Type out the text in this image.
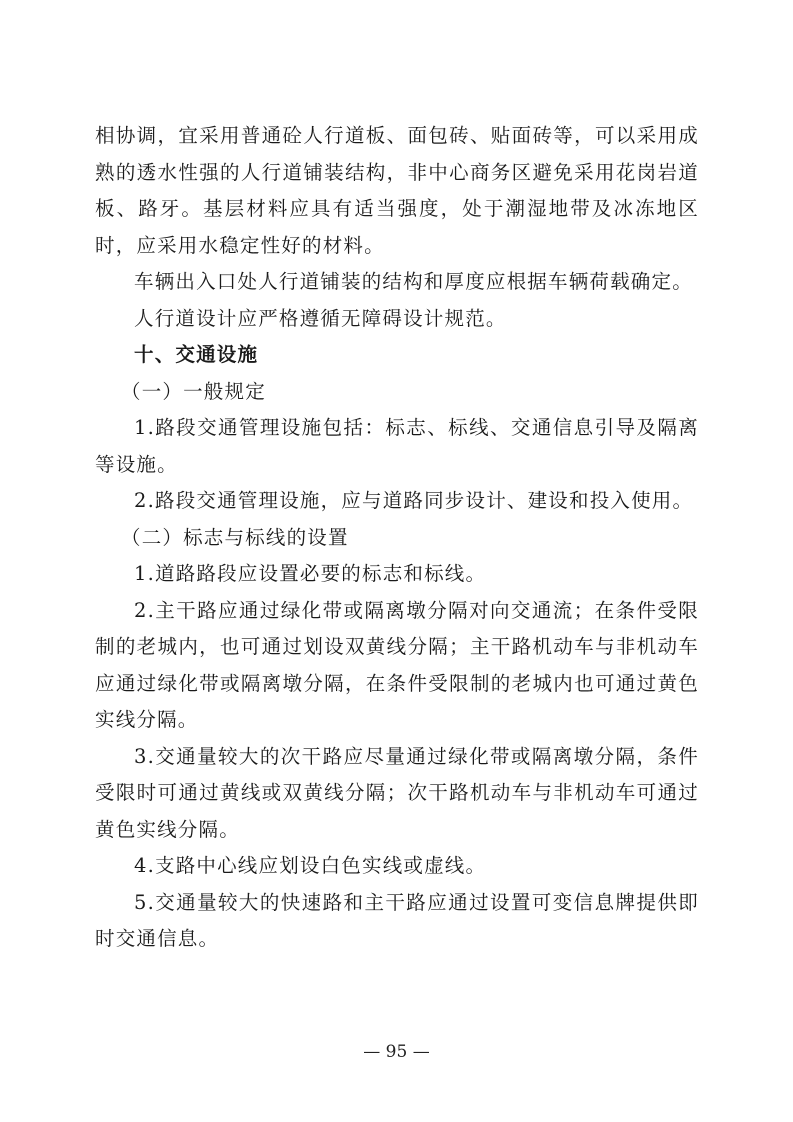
相协调，宜采用普通砼人行道板、面包砖、贴面砖等，可以采用成熟的透水性强的人行道铺装结构，非中心商务区避免采用花岗岩道板、路牙。基层材料应具有适当强度，处于潮湿地带及冰冻地区时，应采用水稳定性好的材料。

车辆出入口处人行道铺装的结构和厚度应根据车辆荷载确定。

人行道设计应严格遵循无障碍设计规范。

十、交通设施

（一）一般规定

1.路段交通管理设施包括：标志、标线、交通信息引导及隔离等设施。

2.路段交通管理设施，应与道路同步设计、建设和投入使用。

（二）标志与标线的设置

1.道路路段应设置必要的标志和标线。

2.主干路应通过绿化带或隔离墩分隔对向交通流；在条件受限制的老城内，也可通过划设双黄线分隔；主干路机动车与非机动车应通过绿化带或隔离墩分隔，在条件受限制的老城内也可通过黄色实线分隔。

3.交通量较大的次干路应尽量通过绿化带或隔离墩分隔，条件受限时可通过黄线或双黄线分隔；次干路机动车与非机动车可通过黄色实线分隔。

4.支路中心线应划设白色实线或虚线。

5.交通量较大的快速路和主干路应通过设置可变信息牌提供即时交通信息。

— 95 —
